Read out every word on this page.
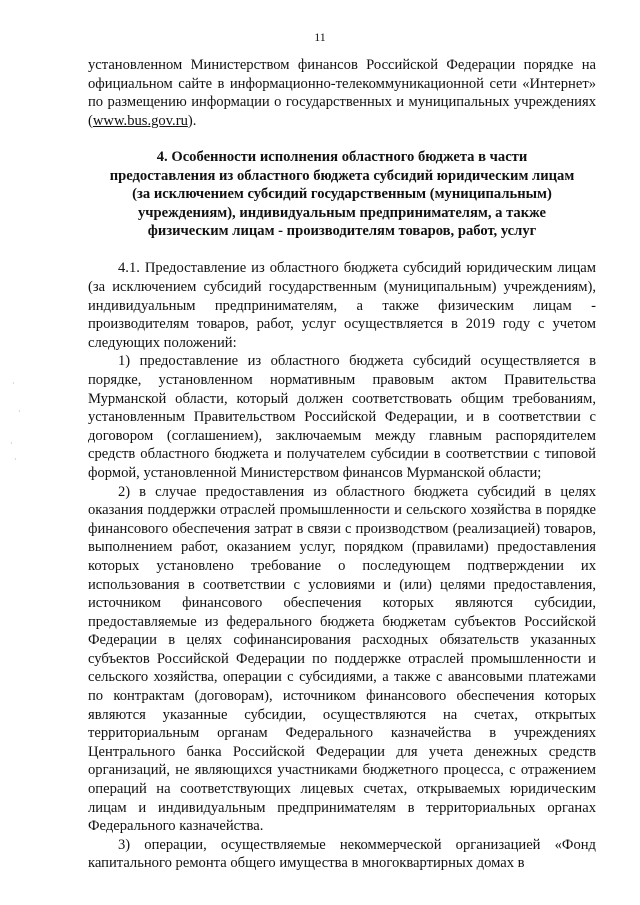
11

установленном Министерством финансов Российской Федерации порядке на официальном сайте в информационно-телекоммуникационной сети «Интернет» по размещению информации о государственных и муниципальных учреждениях (www.bus.gov.ru).

4. Особенности исполнения областного бюджета в части
предоставления из областного бюджета субсидий юридическим лицам
(за исключением субсидий государственным (муниципальным)
учреждениям), индивидуальным предпринимателям, а также
физическим лицам - производителям товаров, работ, услуг

4.1. Предоставление из областного бюджета субсидий юридическим лицам (за исключением субсидий государственным (муниципальным) учреждениям), индивидуальным предпринимателям, а также физическим лицам - производителям товаров, работ, услуг осуществляется в 2019 году с учетом следующих положений:

1) предоставление из областного бюджета субсидий осуществляется в порядке, установленном нормативным правовым актом Правительства Мурманской области, который должен соответствовать общим требованиям, установленным Правительством Российской Федерации, и в соответствии с договором (соглашением), заключаемым между главным распорядителем средств областного бюджета и получателем субсидии в соответствии с типовой формой, установленной Министерством финансов Мурманской области;

2) в случае предоставления из областного бюджета субсидий в целях оказания поддержки отраслей промышленности и сельского хозяйства в порядке финансового обеспечения затрат в связи с производством (реализацией) товаров, выполнением работ, оказанием услуг, порядком (правилами) предоставления которых установлено требование о последующем подтверждении их использования в соответствии с условиями и (или) целями предоставления, источником финансового обеспечения которых являются субсидии, предоставляемые из федерального бюджета бюджетам субъектов Российской Федерации в целях софинансирования расходных обязательств указанных субъектов Российской Федерации по поддержке отраслей промышленности и сельского хозяйства, операции с субсидиями, а также с авансовыми платежами по контрактам (договорам), источником финансового обеспечения которых являются указанные субсидии, осуществляются на счетах, открытых территориальным органам Федерального казначейства в учреждениях Центрального банка Российской Федерации для учета денежных средств организаций, не являющихся участниками бюджетного процесса, с отражением операций на соответствующих лицевых счетах, открываемых юридическим лицам и индивидуальным предпринимателям в территориальных органах Федерального казначейства.

3) операции, осуществляемые некоммерческой организацией «Фонд капитального ремонта общего имущества в многоквартирных домах в

·
·
·
·
